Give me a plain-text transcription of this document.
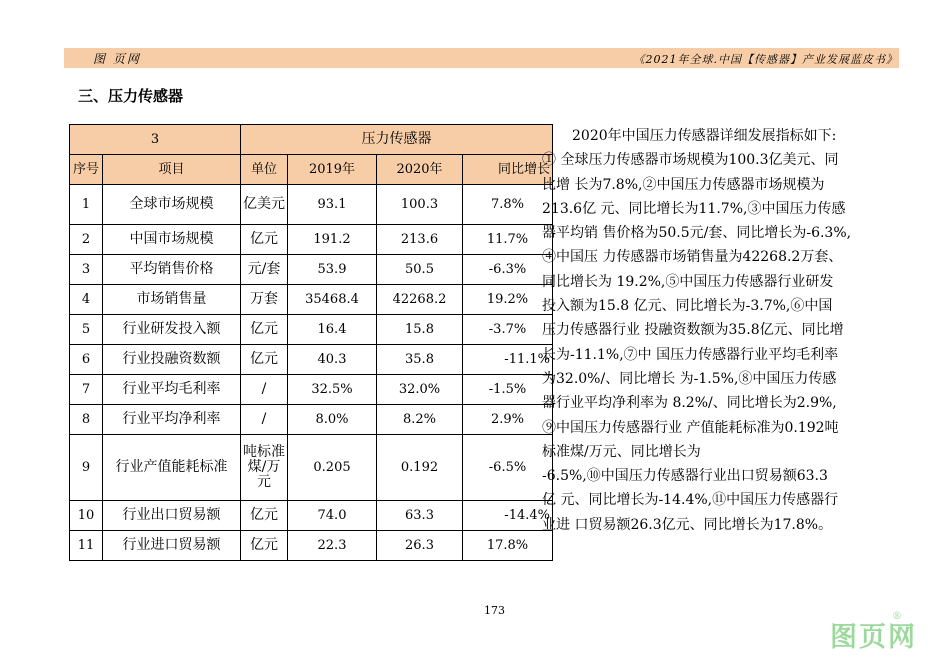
图 页网	《2021年全球.中国【传感器】产业发展蓝皮书》
三、压力传感器
3		压力传感器			
序号	项目	单位	2019年	2020年	同比增长
1	全球市场规模	亿美元	93.1	100.3	7.8%
2	中国市场规模	亿元	191.2	213.6	11.7%
3	平均销售价格	元/套	53.9	50.5	-6.3%
4	市场销售量	万套	35468.4	42268.2	19.2%
5	行业研发投入额	亿元	16.4	15.8	-3.7%
6	行业投融资数额	亿元	40.3	35.8	-11.1%
7	行业平均毛利率	/	32.5%	32.0%	-1.5%
8	行业平均净利率	/	8.0%	8.2%	2.9%
9	行业产值能耗标准	吨标准煤/万元	0.205	0.192	-6.5%
10	行业出口贸易额	亿元	74.0	63.3	-14.4%
11	行业进口贸易额	亿元	22.3	26.3	17.8%
2020年中国压力传感器详细发展指标如下:
① 全球压力传感器市场规模为100.3亿美元、同
比增 长为7.8%,②中国压力传感器市场规模为
213.6亿 元、同比增长为11.7%,③中国压力传感
器平均销 售价格为50.5元/套、同比增长为-6.3%,
④中国压 力传感器市场销售量为42268.2万套、
同比增长为 19.2%,⑤中国压力传感器行业研发
投入额为15.8 亿元、同比增长为-3.7%,⑥中国
压力传感器行业 投融资数额为35.8亿元、同比增
长为-11.1%,⑦中 国压力传感器行业平均毛利率
为32.0%/、同比增长 为-1.5%,⑧中国压力传感
器行业平均净利率为 8.2%/、同比增长为2.9%,
⑨中国压力传感器行业 产值能耗标准为0.192吨
标准煤/万元、同比增长为
-6.5%,⑩中国压力传感器行业出口贸易额63.3
亿 元、同比增长为-14.4%,⑪中国压力传感器行
业进 口贸易额26.3亿元、同比增长为17.8%。
173
图页网
®
